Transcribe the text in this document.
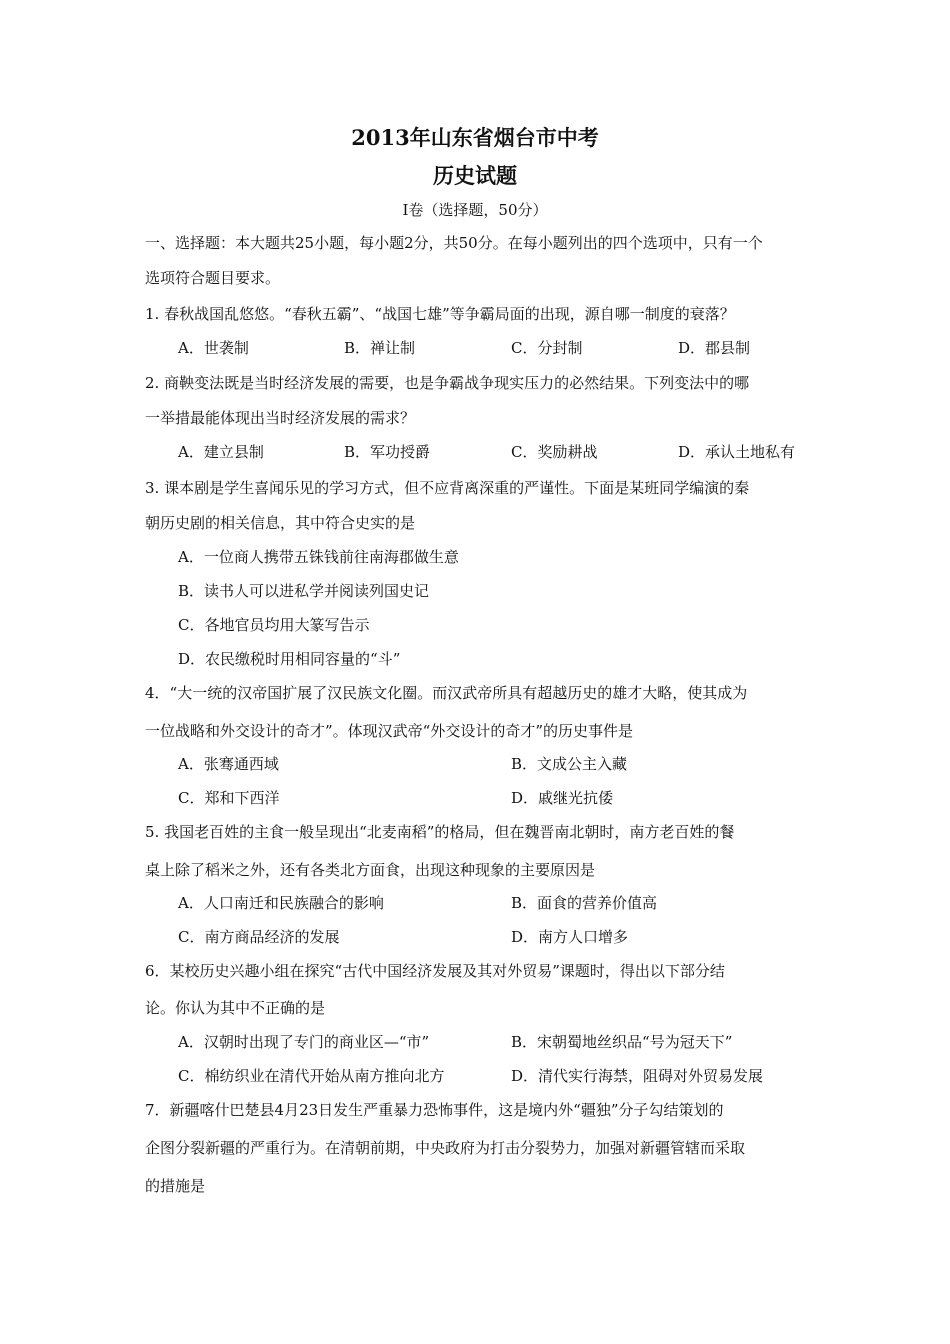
2013年山东省烟台市中考
历史试题
Ⅰ卷（选择题，50分）
一、选择题：本大题共25小题，每小题2分，共50分。在每小题列出的四个选项中，只有一个
选项符合题目要求。
1. 春秋战国乱悠悠。“春秋五霸”、“战国七雄”等争霸局面的出现，源自哪一制度的衰落？
A．世袭制	B．禅让制	C．分封制	D．郡县制
2. 商鞅变法既是当时经济发展的需要，也是争霸战争现实压力的必然结果。下列变法中的哪
一举措最能体现出当时经济发展的需求？
A．建立县制	B．军功授爵	C．奖励耕战	D．承认土地私有
3. 课本剧是学生喜闻乐见的学习方式，但不应背离深重的严谨性。下面是某班同学编演的秦
朝历史剧的相关信息，其中符合史实的是
A．一位商人携带五铢钱前往南海郡做生意
B．读书人可以进私学并阅读列国史记
C．各地官员均用大篆写告示
D．农民缴税时用相同容量的“斗”
4．“大一统的汉帝国扩展了汉民族文化圈。而汉武帝所具有超越历史的雄才大略，使其成为
一位战略和外交设计的奇才”。体现汉武帝“外交设计的奇才”的历史事件是
A．张骞通西域	B．文成公主入藏
C．郑和下西洋	D．戚继光抗倭
5. 我国老百姓的主食一般呈现出“北麦南稻”的格局，但在魏晋南北朝时，南方老百姓的餐
桌上除了稻米之外，还有各类北方面食，出现这种现象的主要原因是
A．人口南迁和民族融合的影响	B．面食的营养价值高
C．南方商品经济的发展	D．南方人口增多
6．某校历史兴趣小组在探究“古代中国经济发展及其对外贸易”课题时，得出以下部分结
论。你认为其中不正确的是
A．汉朝时出现了专门的商业区—“市”	B．宋朝蜀地丝织品“号为冠天下”
C．棉纺织业在清代开始从南方推向北方	D．清代实行海禁，阻碍对外贸易发展
7．新疆喀什巴楚县4月23日发生严重暴力恐怖事件，这是境内外“疆独”分子勾结策划的
企图分裂新疆的严重行为。在清朝前期，中央政府为打击分裂势力，加强对新疆管辖而采取
的措施是
